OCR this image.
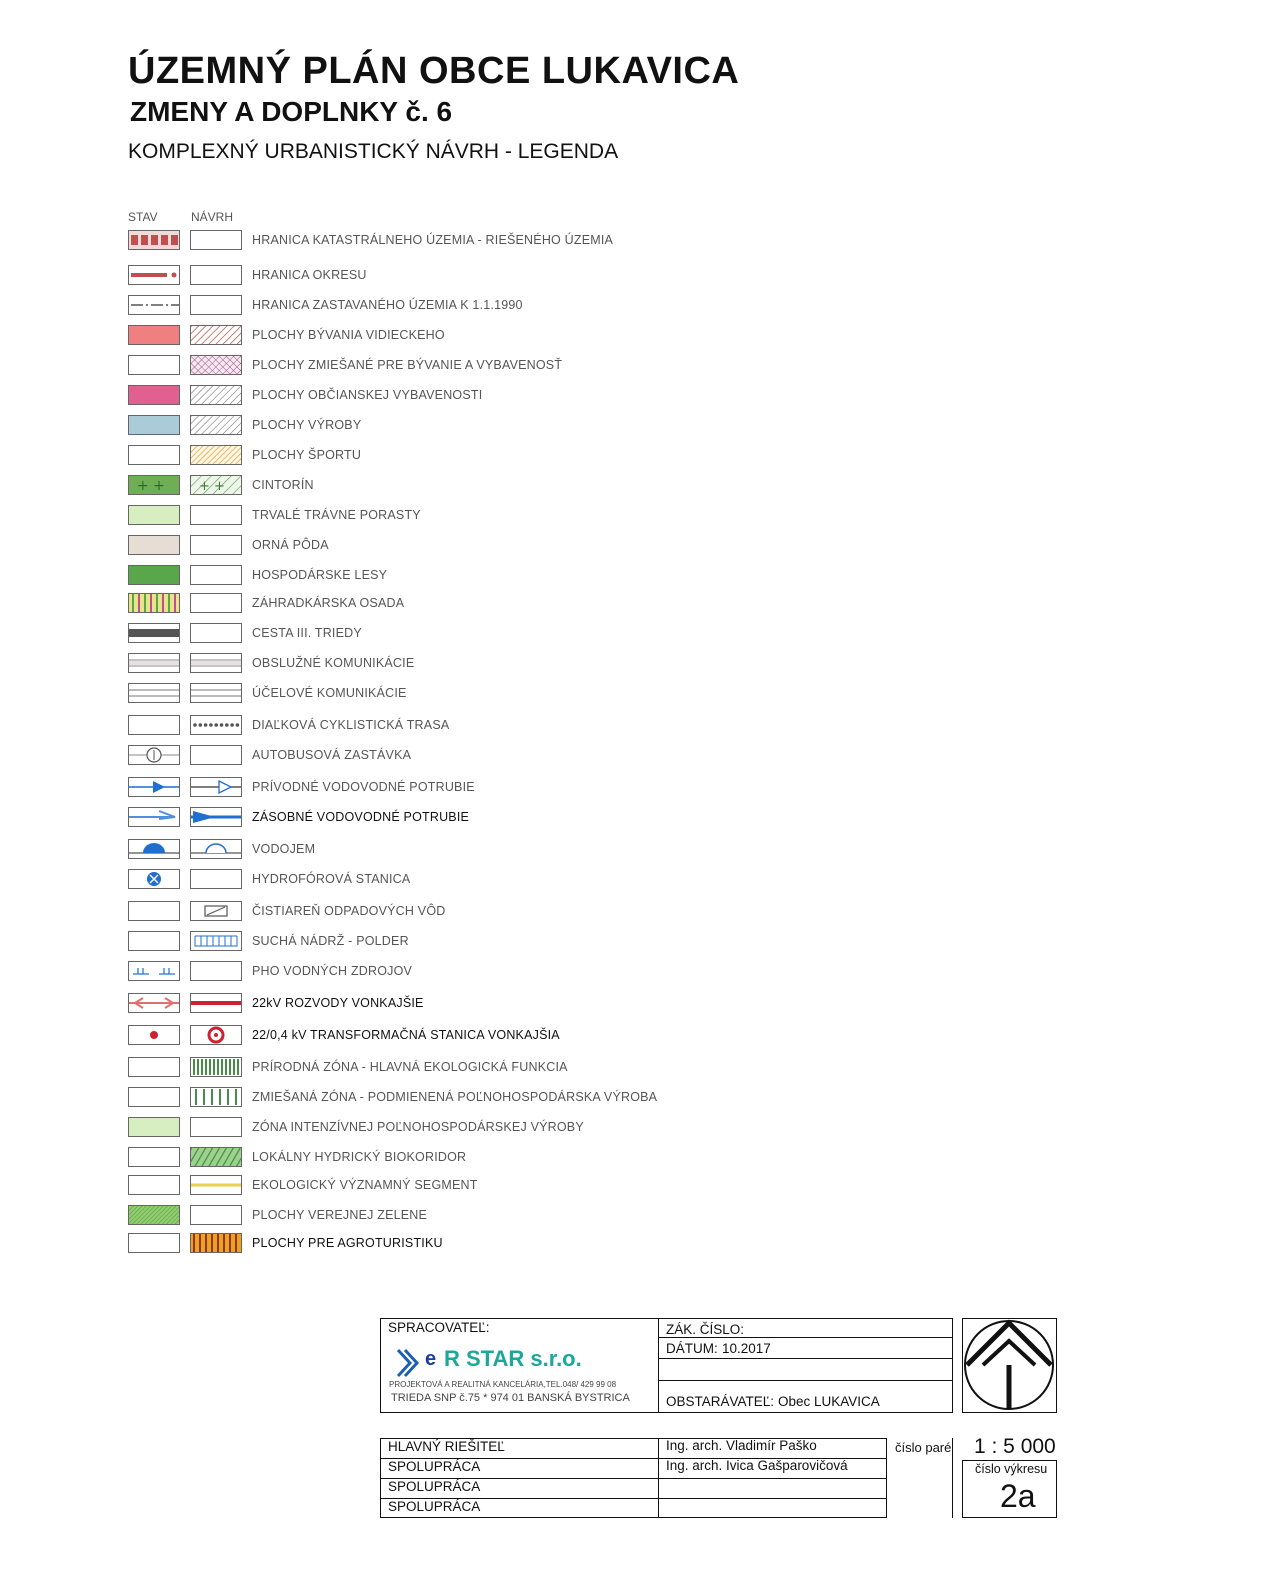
ÚZEMNÝ PLÁN OBCE LUKAVICA
ZMENY A DOPLNKY č. 6
KOMPLEXNÝ URBANISTICKÝ NÁVRH - LEGENDA
STAV	NÁVRH
HRANICA KATASTRÁLNEHO ÚZEMIA - RIEŠENÉHO ÚZEMIA
HRANICA OKRESU
HRANICA ZASTAVANÉHO ÚZEMIA K 1.1.1990
PLOCHY BÝVANIA VIDIECKEHO
PLOCHY ZMIEŠANÉ PRE BÝVANIE A VYBAVENOSŤ
PLOCHY OBČIANSKEJ VYBAVENOSTI
PLOCHY VÝROBY
PLOCHY ŠPORTU
+ +	+ + CINTORÍN
TRVALÉ TRÁVNE PORASTY
ORNÁ PÔDA
HOSPODÁRSKE LESY
ZÁHRADKÁRSKA OSADA
CESTA III. TRIEDY
OBSLUŽNÉ KOMUNIKÁCIE
ÚČELOVÉ KOMUNIKÁCIE
DIAĽKOVÁ CYKLISTICKÁ TRASA
AUTOBUSOVÁ ZASTÁVKA
PRÍVODNÉ VODOVODNÉ POTRUBIE
ZÁSOBNÉ VODOVODNÉ POTRUBIE
VODOJEM
HYDROFÓROVÁ STANICA
ČISTIAREŇ ODPADOVÝCH VÔD
SUCHÁ NÁDRŽ - POLDER
PHO VODNÝCH ZDROJOV
22kV ROZVODY VONKAJŠIE
22/0,4 kV TRANSFORMAČNÁ STANICA VONKAJŠIA
PRÍRODNÁ ZÓNA - HLAVNÁ EKOLOGICKÁ FUNKCIA
ZMIEŠANÁ ZÓNA - PODMIENENÁ POĽNOHOSPODÁRSKA VÝROBA
ZÓNA INTENZÍVNEJ POĽNOHOSPODÁRSKEJ VÝROBY
LOKÁLNY HYDRICKÝ BIOKORIDOR
EKOLOGICKÝ VÝZNAMNÝ SEGMENT
PLOCHY VEREJNEJ ZELENE
PLOCHY PRE AGROTURISTIKU
SPRACOVATEĽ:
e R STAR s.r.o.
PROJEKTOVÁ A REALITNÁ KANCELÁRIA,TEL.048/ 429 99 08
TRIEDA SNP č.75 * 974 01 BANSKÁ BYSTRICA
ZÁK. ČÍSLO:
DÁTUM: 10.2017
OBSTARÁVATEĽ: Obec LUKAVICA
HLAVNÝ RIEŠITEĽ	Ing. arch. Vladimír Paško
SPOLUPRÁCA	Ing. arch. Ivica Gašparovičová
SPOLUPRÁCA
SPOLUPRÁCA
číslo paré 1 : 5 000
číslo výkresu
2a
